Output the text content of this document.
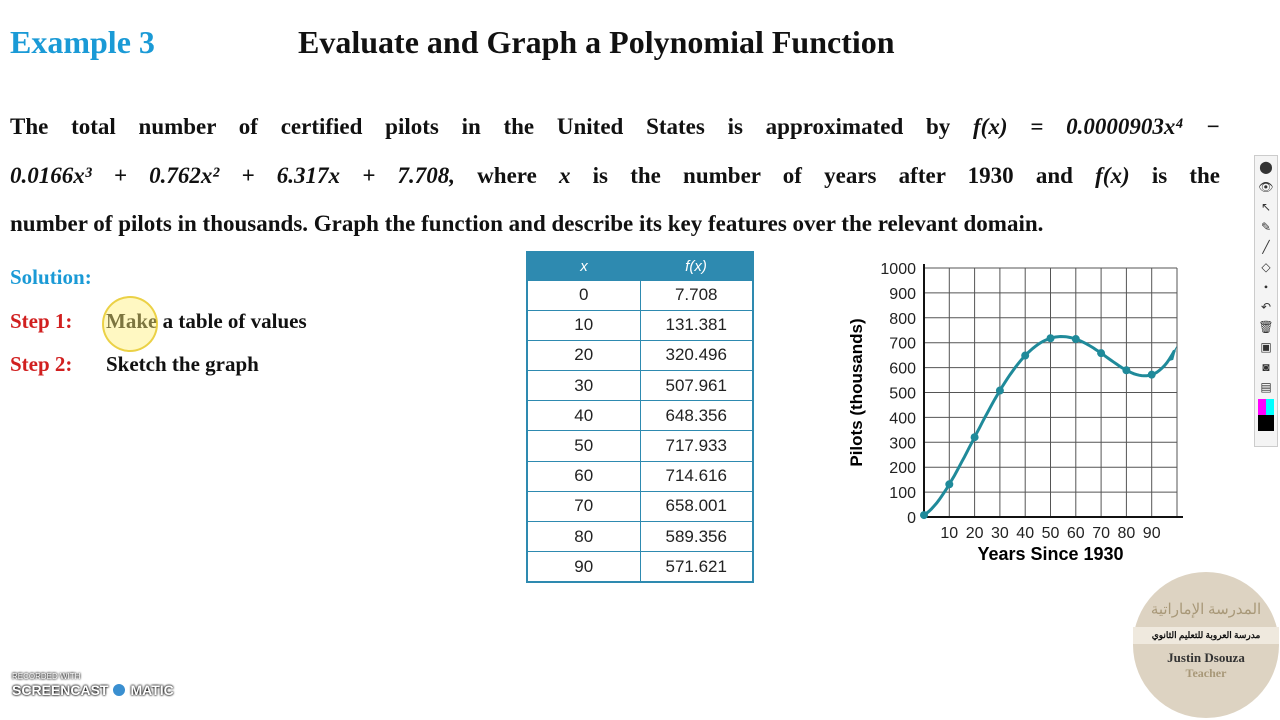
Example 3	Evaluate and Graph a Polynomial Function
The total number of certified pilots in the United States is approximated by f(x) = 0.0000903x⁴ −
0.0166x³ + 0.762x² + 6.317x + 7.708, where x is the number of years after 1930 and f(x) is the
number of pilots in thousands. Graph the function and describe its key features over the relevant domain.
Solution:
Step 1: Make a table of values
Step 2: Sketch the graph
x	f(x)
0	7.708
10	131.381
20	320.496
30	507.961
40	648.356
50	717.933
60	714.616
70	658.001
80	589.356
90	571.621
0
100
200
300
400
500
600
700
800
900
1000
10 20 30 40 50 60 70 80 90
Years Since 1930
Pilots (thousands)
⬤
👁
↖
✎
╱
◇
•
↶
🗑
▣
◙
▤
المدرسة الإماراتية
مدرسة العروبة للتعليم الثانوي
Justin Dsouza
Teacher
RECORDED WITH
SCREENCAST MATIC
